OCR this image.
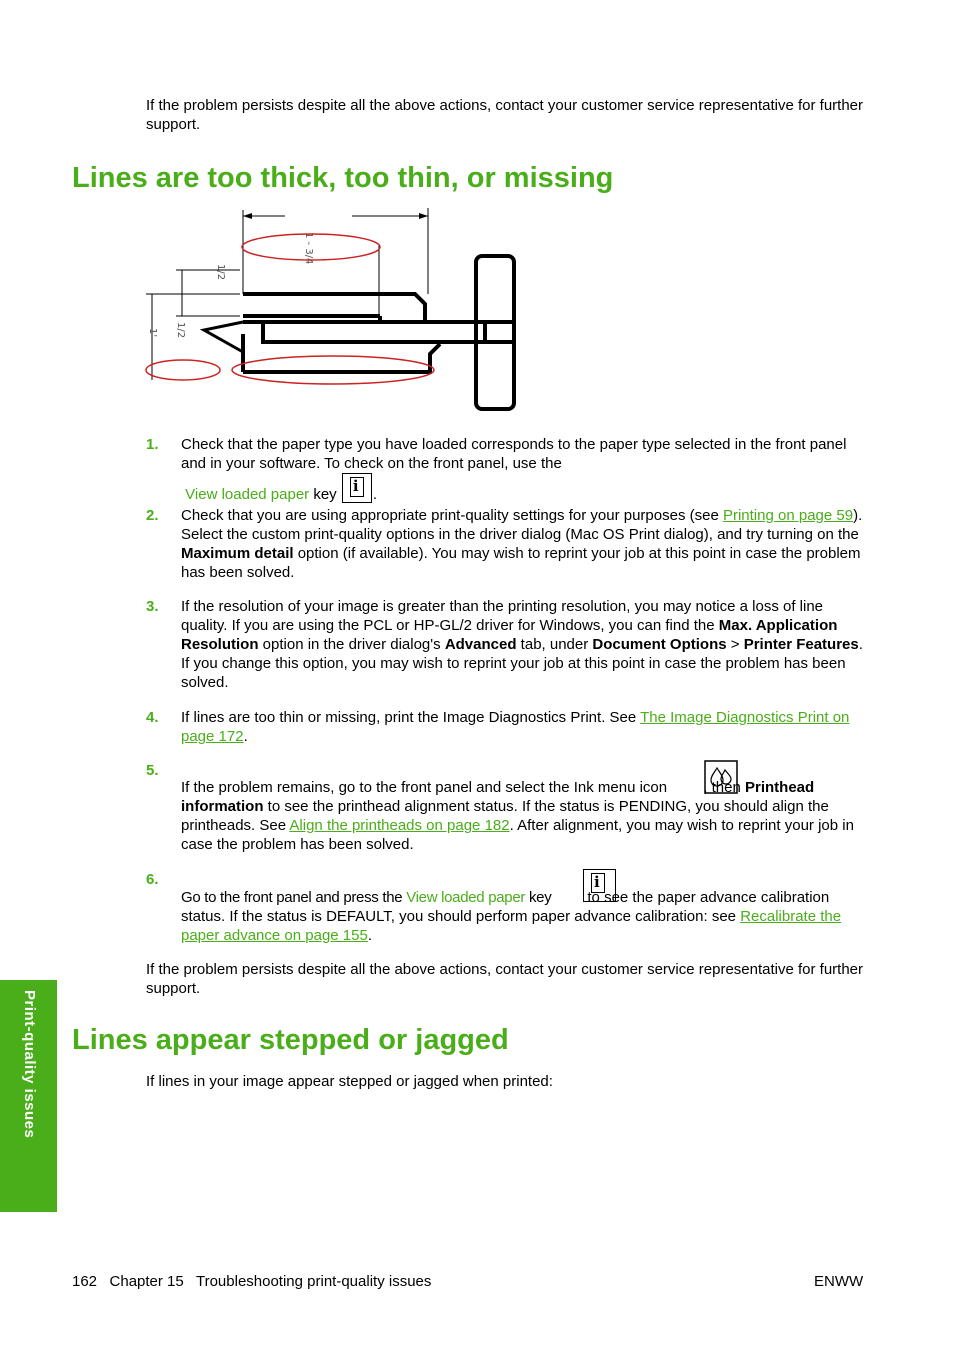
If the problem persists despite all the above actions, contact your customer service representative for further support.
Lines are too thick, too thin, or missing
1 - 3/4
1/2
1' 1/2
1. Check that the paper type you have loaded corresponds to the paper type selected in the front panel and in your software. To check on the front panel, use the
View loaded paper key i.
2. Check that you are using appropriate print-quality settings for your purposes (see Printing on page 59). Select the custom print-quality options in the driver dialog (Mac OS Print dialog), and try turning on the Maximum detail option (if available). You may wish to reprint your job at this point in case the problem has been solved.
3. If the resolution of your image is greater than the printing resolution, you may notice a loss of line quality. If you are using the PCL or HP-GL/2 driver for Windows, you can find the Max. Application Resolution option in the driver dialog's Advanced tab, under Document Options > Printer Features. If you change this option, you may wish to reprint your job at this point in case the problem has been solved.
4. If lines are too thin or missing, print the Image Diagnostics Print. See The Image Diagnostics Print on page 172.
5.
If the problem remains, go to the front panel and select the Ink menu icon , then Printhead information to see the printhead alignment status. If the status is PENDING, you should align the printheads. See Align the printheads on page 182. After alignment, you may wish to reprint your job in case the problem has been solved.
6.
i
Go to the front panel and press the View loaded paper key to see the paper advance calibration status. If the status is DEFAULT, you should perform paper advance calibration: see Recalibrate the paper advance on page 155.
If the problem persists despite all the above actions, contact your customer service representative for further support.
Lines appear stepped or jagged
If lines in your image appear stepped or jagged when printed:
Print-quality issues
162   Chapter 15   Troubleshooting print-quality issues	ENWW
